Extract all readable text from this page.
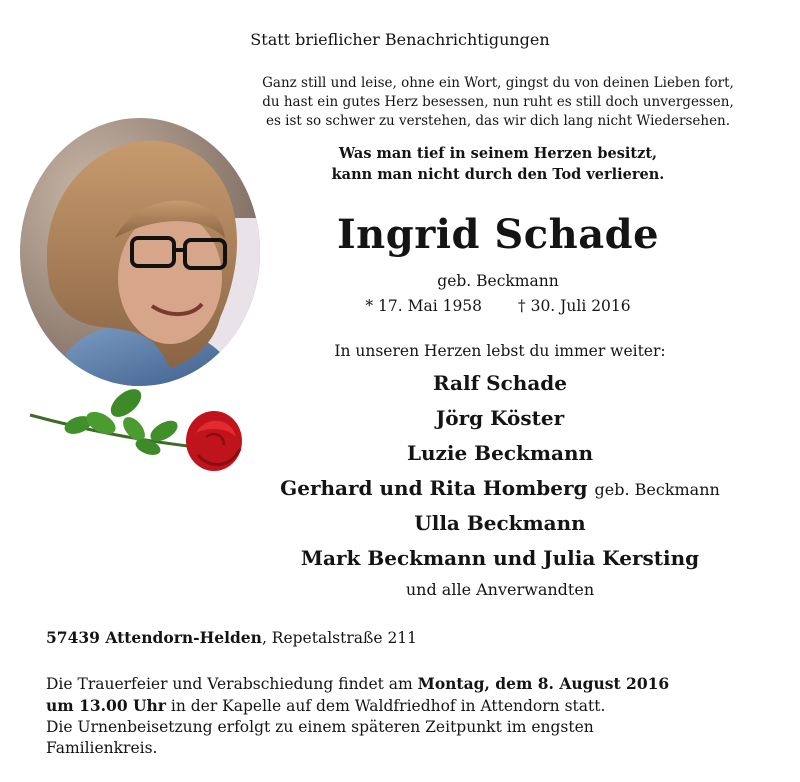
Statt brieflicher Benachrichtigungen
Ganz still und leise, ohne ein Wort, gingst du von deinen Lieben fort,
du hast ein gutes Herz besessen, nun ruht es still doch unvergessen,
es ist so schwer zu verstehen, das wir dich lang nicht Wiedersehen.
Was man tief in seinem Herzen besitzt,
kann man nicht durch den Tod verlieren.
Ingrid Schade
geb. Beckmann
* 17. Mai 1958 † 30. Juli 2016
In unseren Herzen lebst du immer weiter:
Ralf Schade
Jörg Köster
Luzie Beckmann
Gerhard und Rita Homberg geb. Beckmann
Ulla Beckmann
Mark Beckmann und Julia Kersting
und alle Anverwandten
57439 Attendorn-Helden, Repetalstraße 211
Die Trauerfeier und Verabschiedung findet am Montag, dem 8. August 2016
um 13.00 Uhr in der Kapelle auf dem Waldfriedhof in Attendorn statt.
Die Urnenbeisetzung erfolgt zu einem späteren Zeitpunkt im engsten
Familienkreis.
